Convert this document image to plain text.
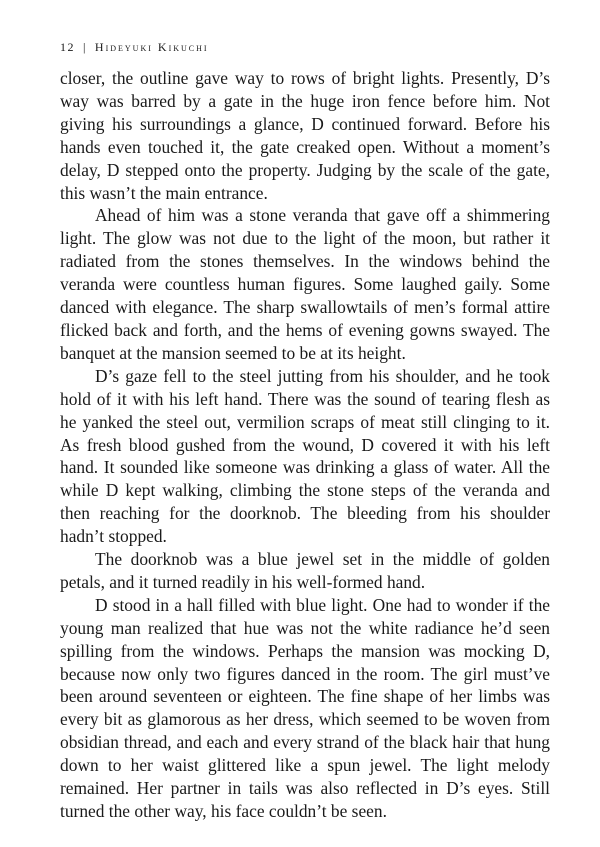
12 | Hideyuki Kikuchi

closer, the outline gave way to rows of bright lights. Presently, D’s way was barred by a gate in the huge iron fence before him. Not giving his surroundings a glance, D continued forward. Before his hands even touched it, the gate creaked open. Without a moment’s delay, D stepped onto the property. Judging by the scale of the gate, this wasn’t the main entrance.

Ahead of him was a stone veranda that gave off a shimmering light. The glow was not due to the light of the moon, but rather it radiated from the stones themselves. In the windows behind the veranda were countless human figures. Some laughed gaily. Some danced with elegance. The sharp swallowtails of men’s formal attire flicked back and forth, and the hems of evening gowns swayed. The banquet at the mansion seemed to be at its height.

D’s gaze fell to the steel jutting from his shoulder, and he took hold of it with his left hand. There was the sound of tearing flesh as he yanked the steel out, vermilion scraps of meat still clinging to it. As fresh blood gushed from the wound, D covered it with his left hand. It sounded like someone was drinking a glass of water. All the while D kept walking, climbing the stone steps of the veranda and then reaching for the doorknob. The bleeding from his shoulder hadn’t stopped.

The doorknob was a blue jewel set in the middle of golden petals, and it turned readily in his well-formed hand.

D stood in a hall filled with blue light. One had to wonder if the young man realized that hue was not the white radiance he’d seen spilling from the windows. Perhaps the mansion was mocking D, because now only two figures danced in the room. The girl must’ve been around seventeen or eighteen. The fine shape of her limbs was every bit as glamorous as her dress, which seemed to be woven from obsidian thread, and each and every strand of the black hair that hung down to her waist glittered like a spun jewel. The light melody remained. Her partner in tails was also reflected in D’s eyes. Still turned the other way, his face couldn’t be seen.
